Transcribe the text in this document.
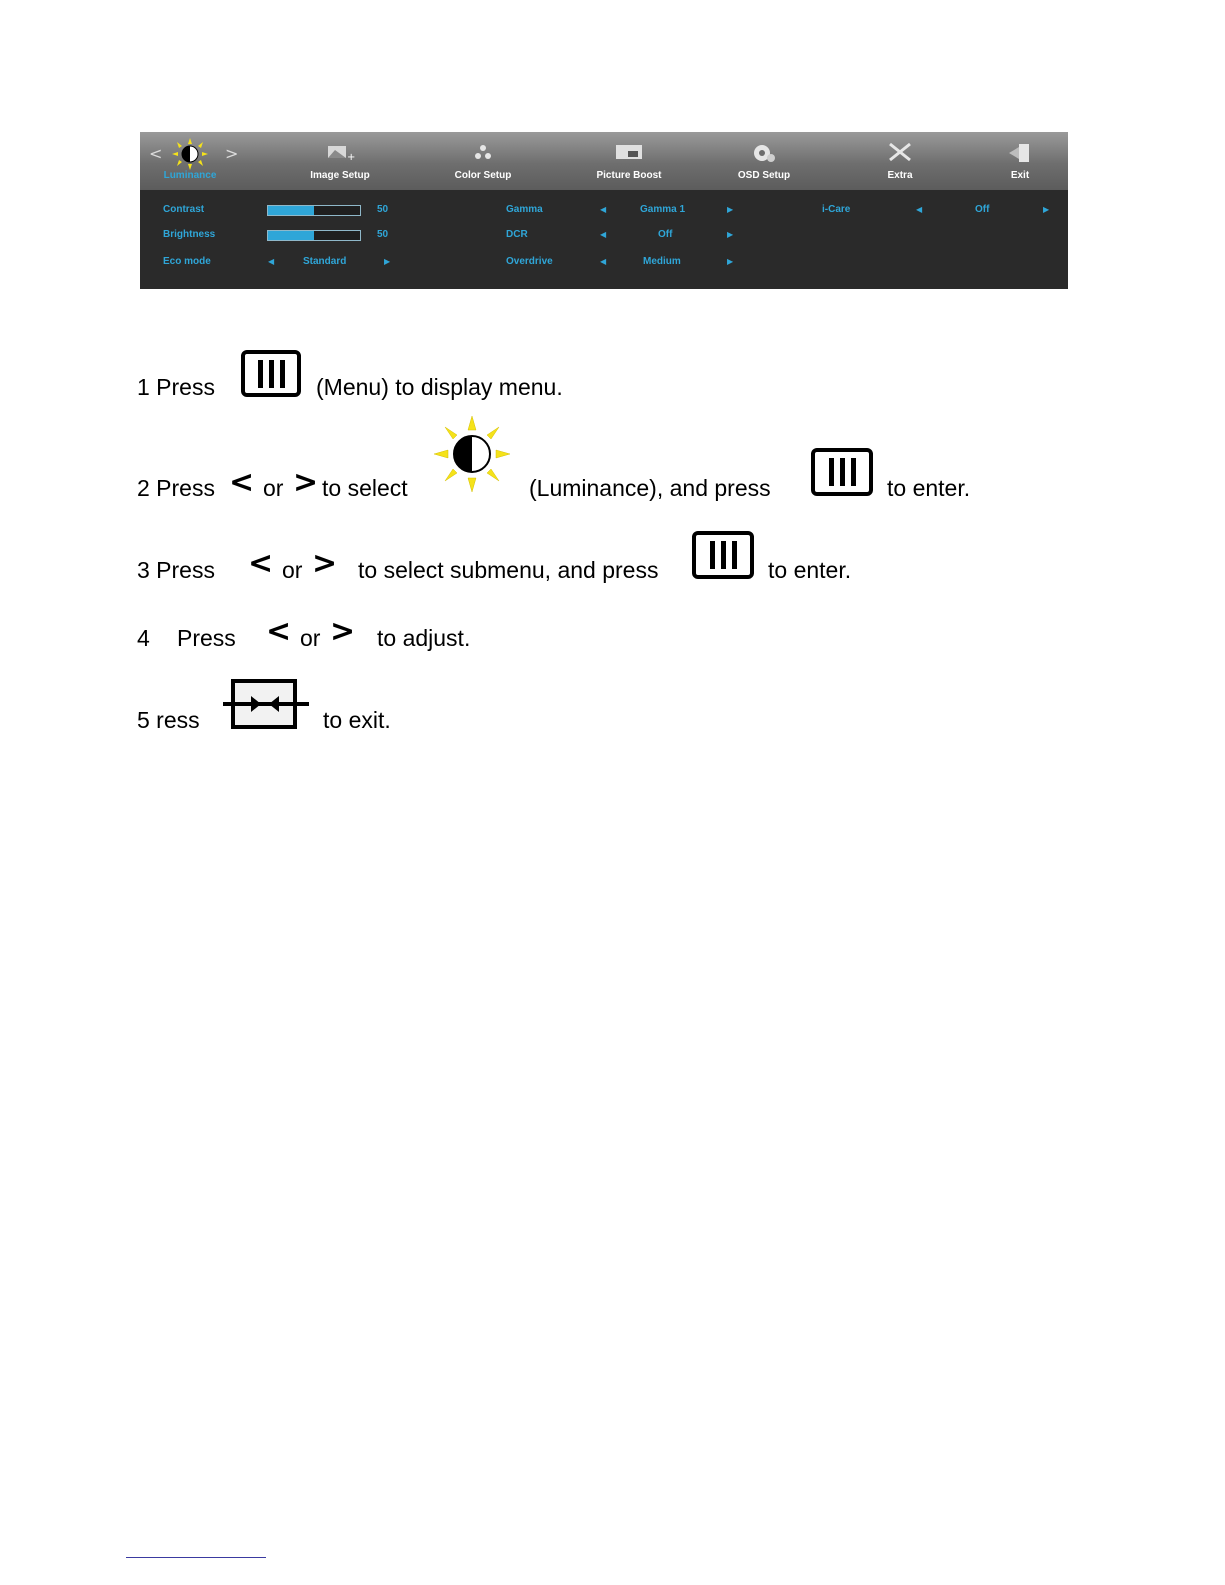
<	>
Luminance
+
Image Setup	Color Setup	Picture Boost	OSD Setup	Extra	Exit
Contrast	50
Brightness	50
Eco mode	◀	Standard	▶
Gamma	◀	Gamma 1	▶
DCR	◀	Off	▶
Overdrive	◀	Medium	▶
i-Care	◀	Off	▶
1 Press	(Menu) to display menu.
2 Press < or > to select	(Luminance), and press	to enter.
3 Press < or > to select submenu, and press	to enter.
4 Press < or > to adjust.
5 ress	to exit.
